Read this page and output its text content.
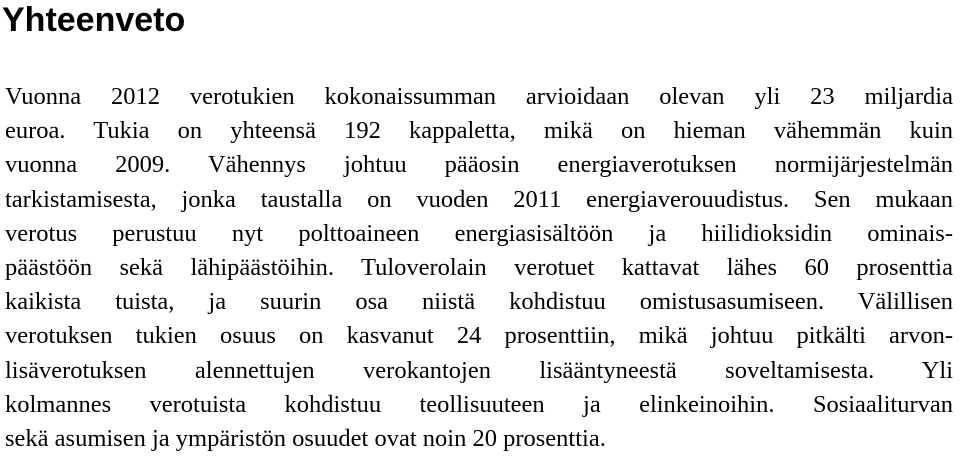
Yhteenveto
Vuonna 2012 verotukien kokonaissumman arvioidaan olevan yli 23 miljardia
euroa. Tukia on yhteensä 192 kappaletta, mikä on hieman vähemmän kuin
vuonna 2009. Vähennys johtuu pääosin energiaverotuksen normijärjestelmän
tarkistamisesta, jonka taustalla on vuoden 2011 energiaverouudistus. Sen mukaan
verotus perustuu nyt polttoaineen energiasisältöön ja hiilidioksidin ominais-
päästöön sekä lähipäästöihin. Tuloverolain verotuet kattavat lähes 60 prosenttia
kaikista tuista, ja suurin osa niistä kohdistuu omistusasumiseen. Välillisen
verotuksen tukien osuus on kasvanut 24 prosenttiin, mikä johtuu pitkälti arvon-
lisäverotuksen alennettujen verokantojen lisääntyneestä soveltamisesta. Yli
kolmannes verotuista kohdistuu teollisuuteen ja elinkeinoihin. Sosiaaliturvan
sekä asumisen ja ympäristön osuudet ovat noin 20 prosenttia.
